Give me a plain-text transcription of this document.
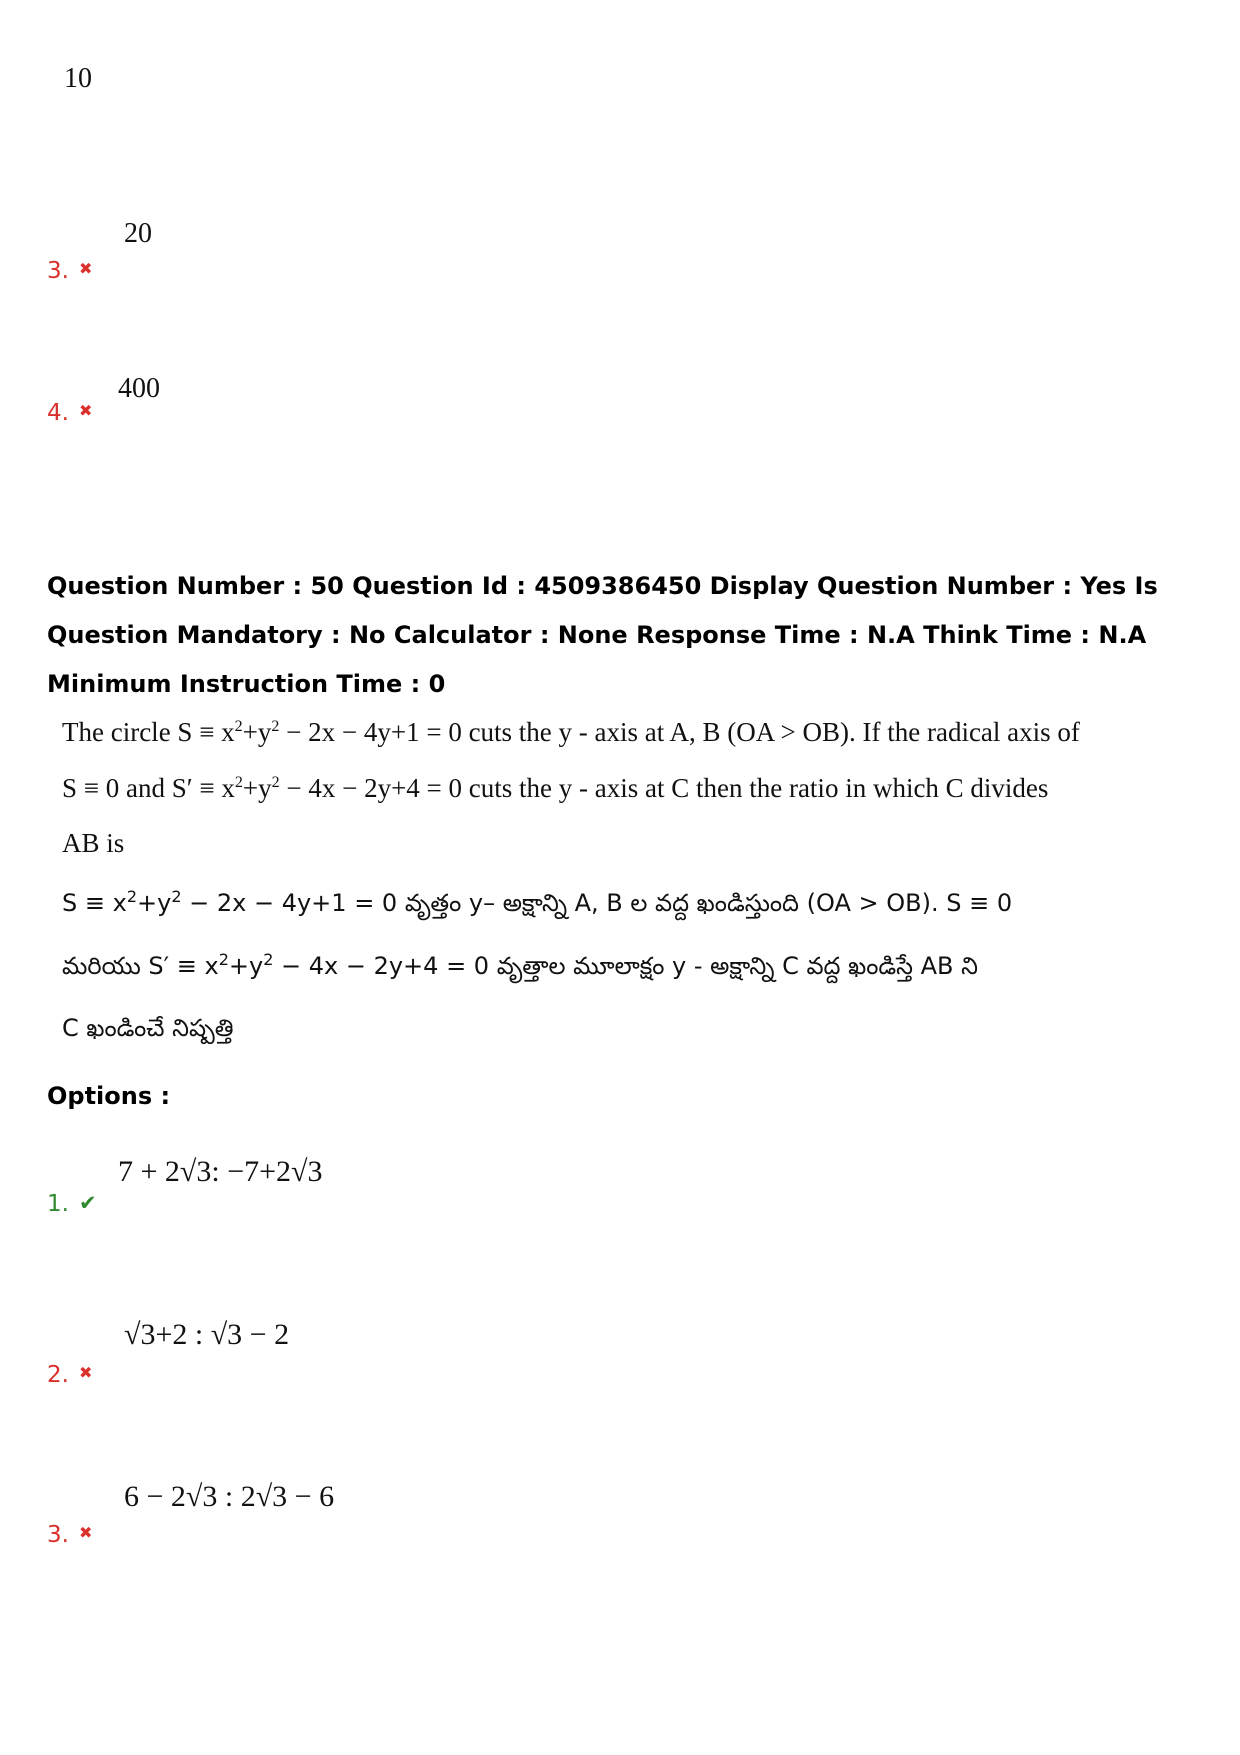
10
20
3. ✖
400
4. ✖
Question Number : 50 Question Id : 4509386450 Display Question Number : Yes Is Question Mandatory : No Calculator : None Response Time : N.A Think Time : N.A Minimum Instruction Time : 0
The circle $S \equiv x^2+y^2 - 2x - 4y+1 = 0$ cuts the y - axis at A, B (OA > OB). If the radical axis of
S ≡ 0 and $S' \equiv x^2+y^2 - 4x - 2y+4 = 0$ cuts the y - axis at C then the ratio in which C divides
AB is
$S \equiv x^2+y^2 - 2x - 4y+1 = 0$ వృత్తం y– అక్షాన్ని A, B ల వద్ద ఖండిస్తుంది (OA > OB). S ≡ 0
మరియు $S' \equiv x^2+y^2 - 4x - 2y+4 = 0$ వృత్తాల మూలాక్షం y - అక్షాన్ని C వద్ద ఖండిస్తే AB ని
C ఖండించే నిష్పత్తి
Options :
7 + 2√3: −7+2√3
1. ✔
√3+2 : √3 − 2
2. ✖
6 − 2√3 : 2√3 − 6
3. ✖
